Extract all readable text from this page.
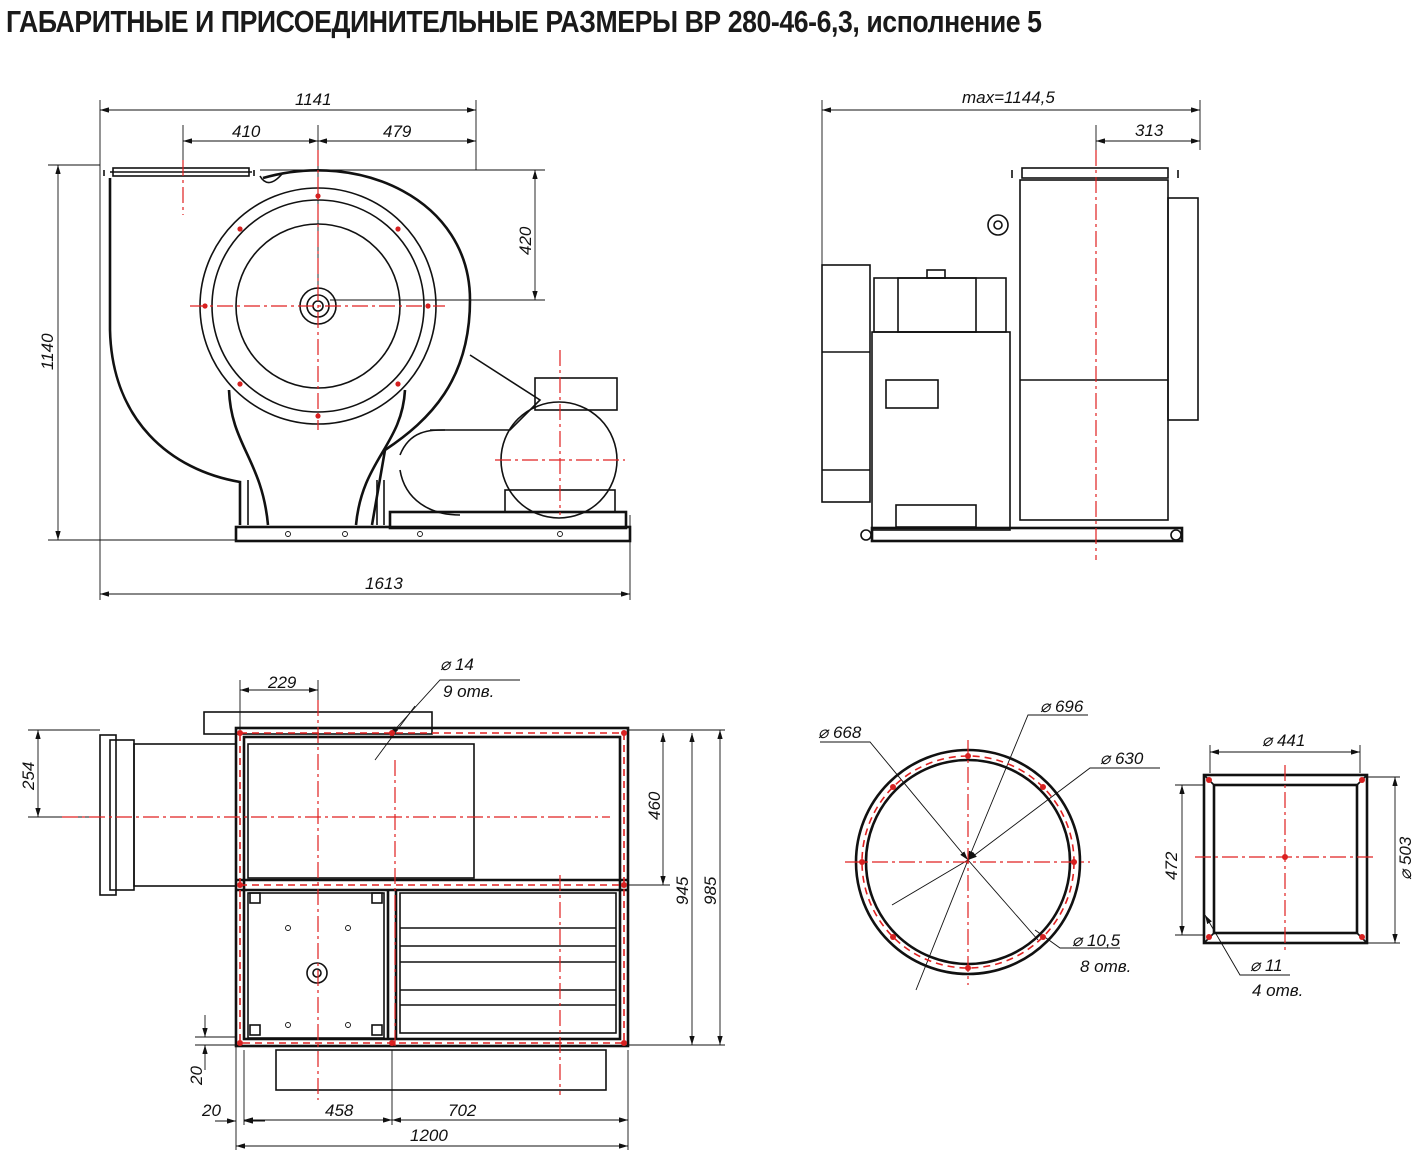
ГАБАРИТНЫЕ И ПРИСОЕДИНИТЕЛЬНЫЕ РАЗМЕРЫ ВР 280-46-6,3, исполнение 5
1141
410	479
420
1140
1613
max=1144,5
313
229
⌀ 14
9 отв.
254
460
945 985
20
20	458	702
1200
⌀ 668
⌀ 696
⌀ 630
⌀ 10,5
8 отв.
⌀ 441
472	⌀ 503
⌀ 11
4 отв.
